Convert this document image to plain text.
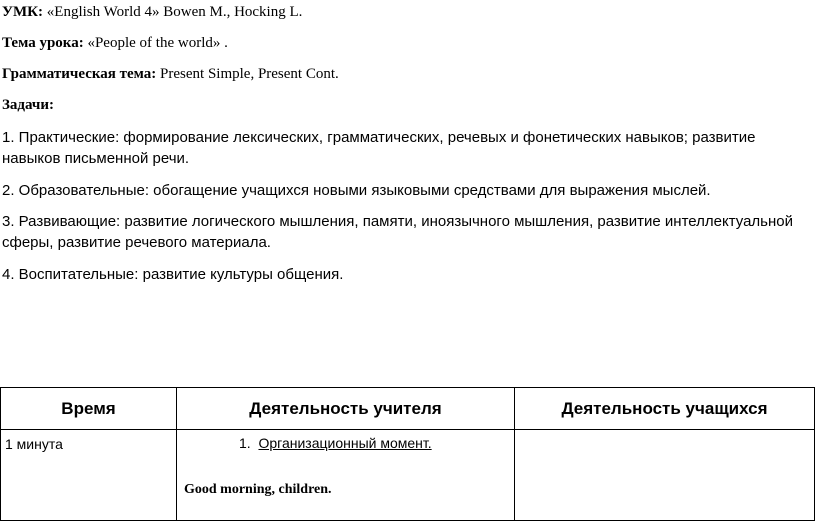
УМК: «English World 4» Bowen M., Hocking L.
Тема урока: «People of the world» .
Грамматическая тема: Present Simple, Present Cont.
Задачи:
1. Практические: формирование лексических, грамматических, речевых и фонетических навыков; развитие навыков письменной речи.
2. Образовательные: обогащение учащихся новыми языковыми средствами для выражения мыслей.
3. Развивающие: развитие логического мышления, памяти, иноязычного мышления, развитие интеллектуальной сферы, развитие речевого материала.
4. Воспитательные: развитие культуры общения.
Время	Деятельность учителя	Деятельность учащихся

1 минута	1. Организационный момент.
Good morning, children.	
